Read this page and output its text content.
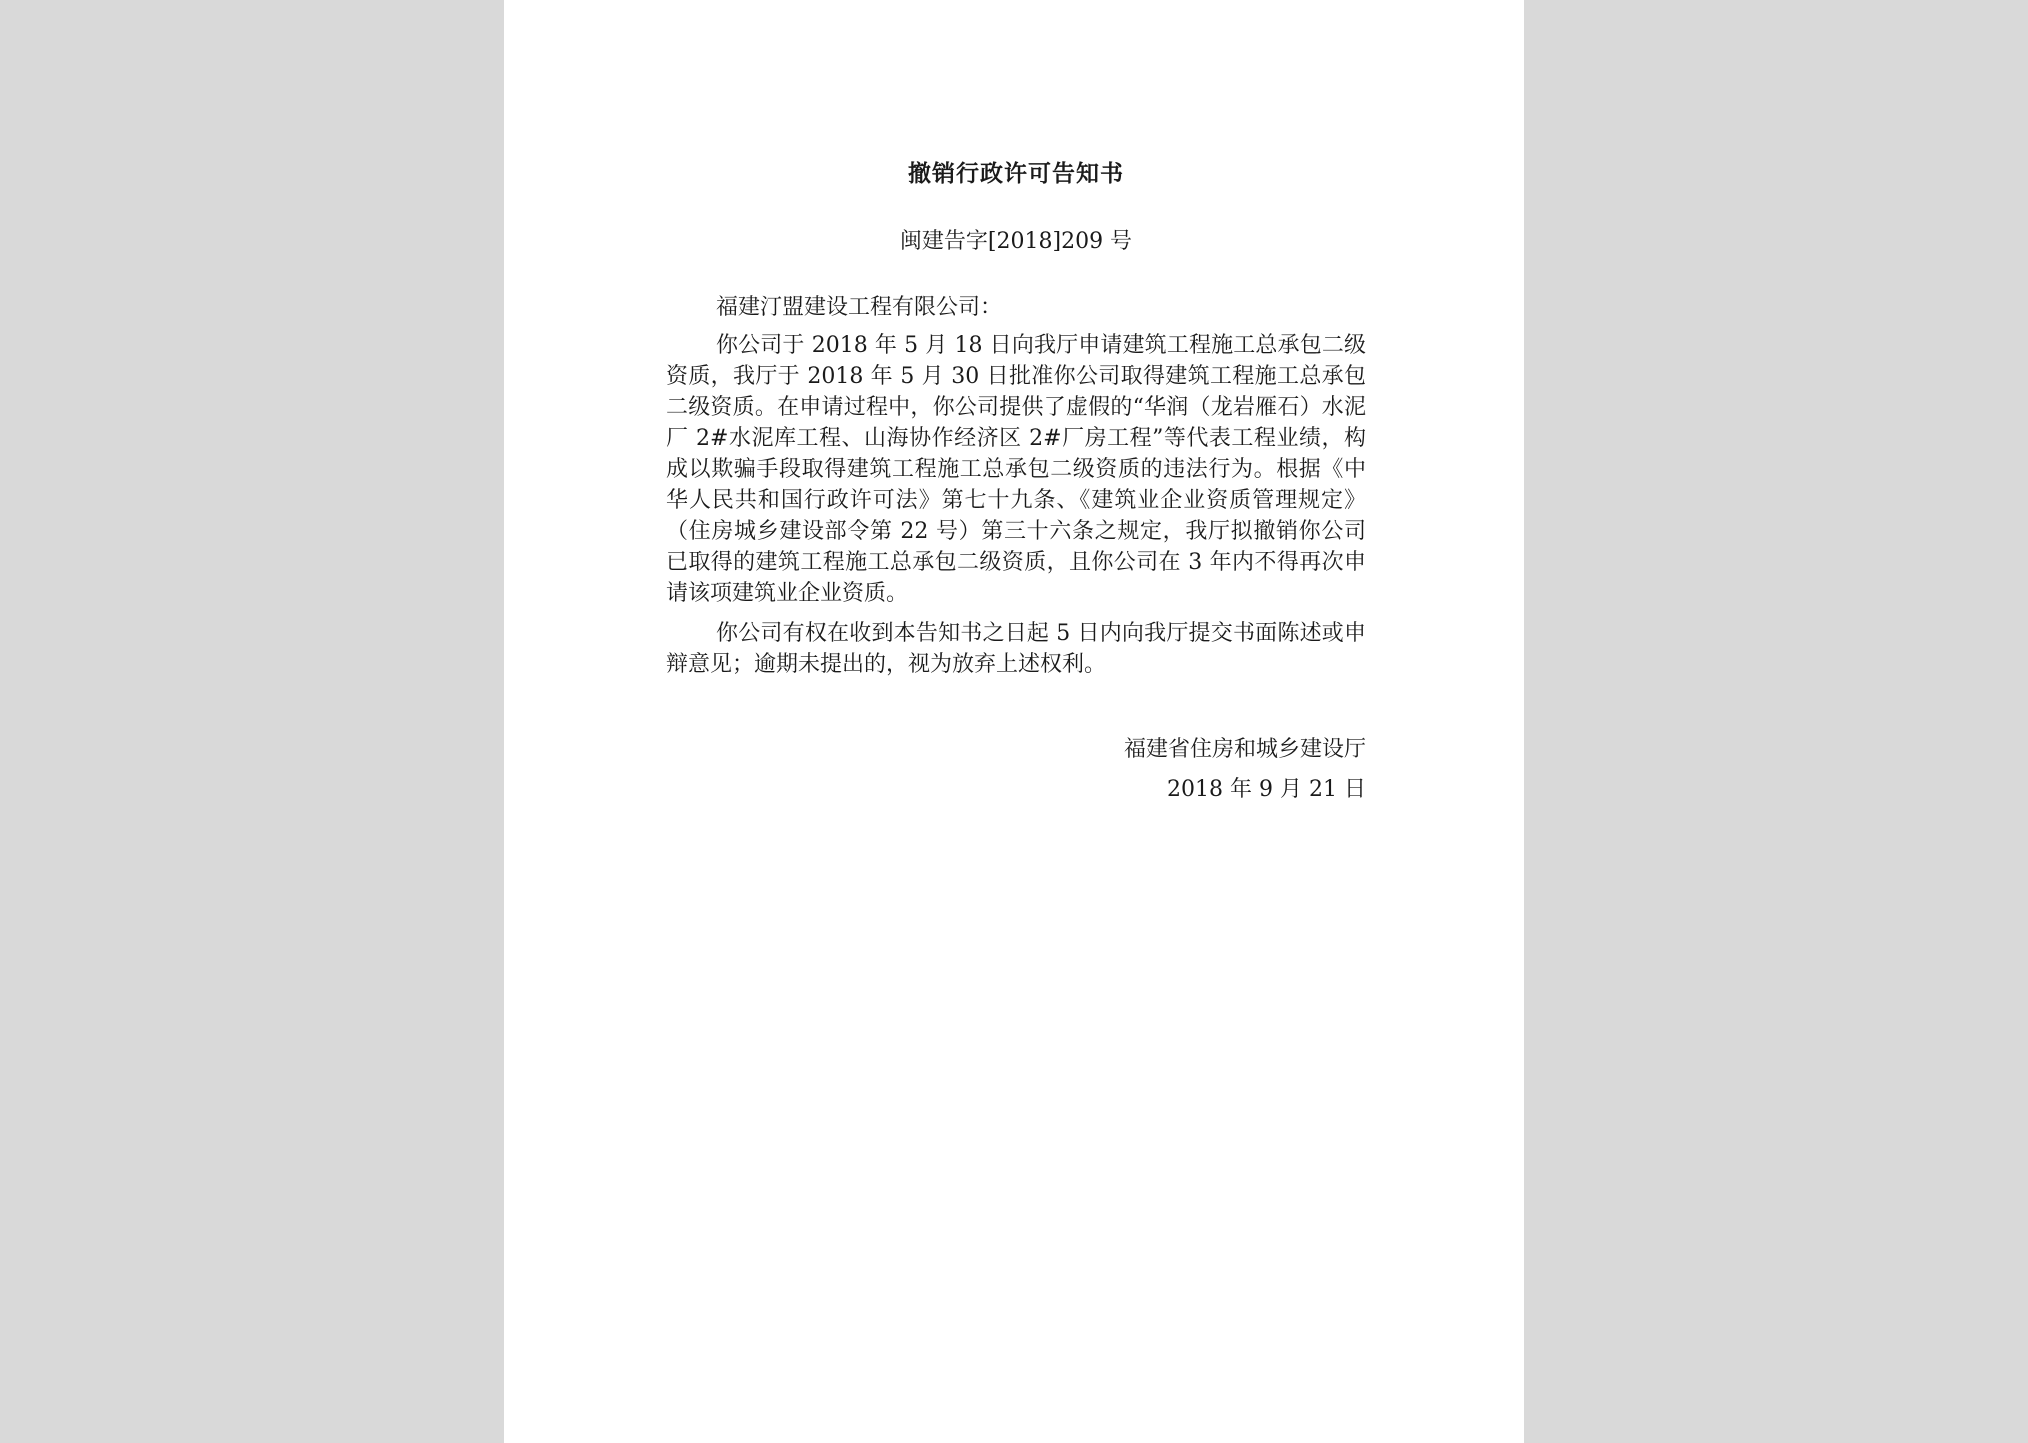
撤销行政许可告知书

闽建告字[2018]209 号

福建汀盟建设工程有限公司：

你公司于 2018 年 5 月 18 日向我厅申请建筑工程施工总承包二级资质，我厅于 2018 年 5 月 30 日批准你公司取得建筑工程施工总承包二级资质。在申请过程中，你公司提供了虚假的“华润（龙岩雁石）水泥厂 2#水泥库工程、山海协作经济区 2#厂房工程”等代表工程业绩，构成以欺骗手段取得建筑工程施工总承包二级资质的违法行为。根据《中华人民共和国行政许可法》第七十九条、《建筑业企业资质管理规定》（住房城乡建设部令第 22 号）第三十六条之规定，我厅拟撤销你公司已取得的建筑工程施工总承包二级资质，且你公司在 3 年内不得再次申请该项建筑业企业资质。

你公司有权在收到本告知书之日起 5 日内向我厅提交书面陈述或申辩意见；逾期未提出的，视为放弃上述权利。

福建省住房和城乡建设厅
2018 年 9 月 21 日
